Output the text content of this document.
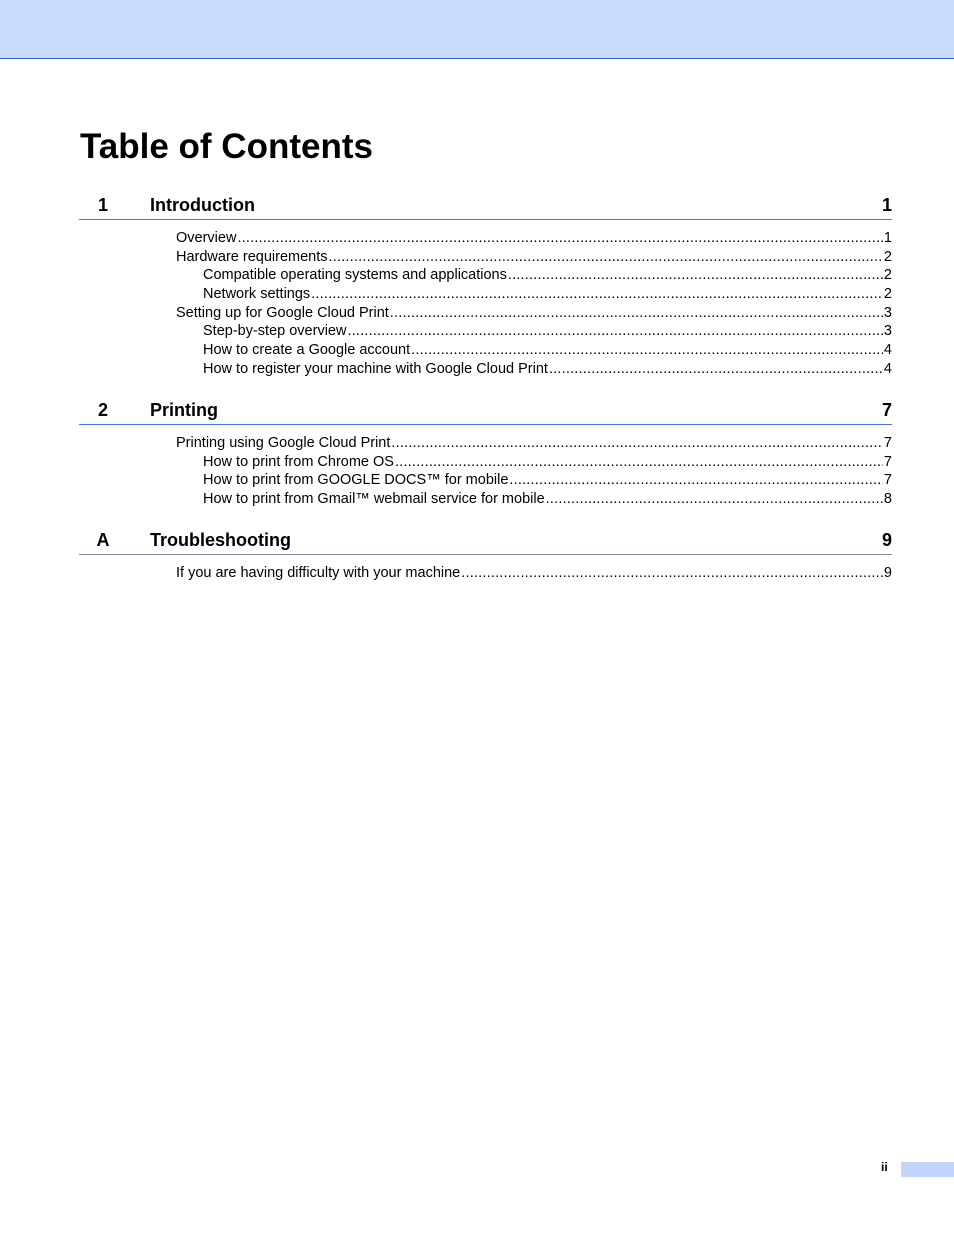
Table of Contents
1	Introduction	1
Overview .....	1
Hardware requirements .....	2
Compatible operating systems and applications .....	2
Network settings .....	2
Setting up for Google Cloud Print .....	3
Step-by-step overview .....	3
How to create a Google account .....	4
How to register your machine with Google Cloud Print .....	4
2	Printing	7
Printing using Google Cloud Print .....	7
How to print from Chrome OS .....	7
How to print from GOOGLE DOCS™ for mobile .....	7
How to print from Gmail™ webmail service for mobile .....	8
A	Troubleshooting	9
If you are having difficulty with your machine .....	9
ii
